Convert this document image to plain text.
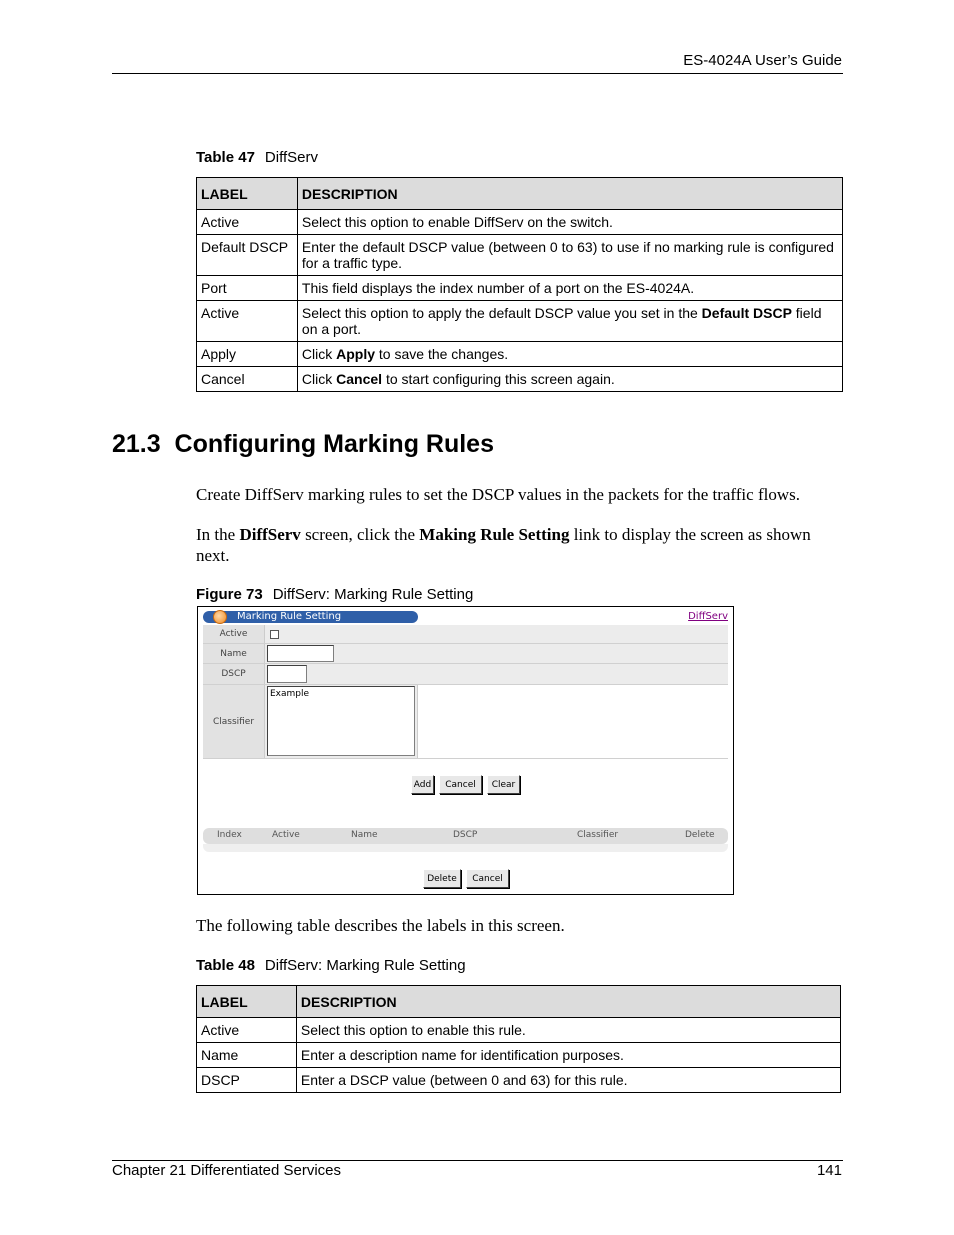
ES-4024A User’s Guide
Table 47 DiffServ
LABEL	DESCRIPTION
Active	Select this option to enable DiffServ on the switch.
Default DSCP	Enter the default DSCP value (between 0 to 63) to use if no marking rule is configured for a traffic type.
Port	This field displays the index number of a port on the ES-4024A.
Active	Select this option to apply the default DSCP value you set in the Default DSCP field on a port.
Apply	Click Apply to save the changes.
Cancel	Click Cancel to start configuring this screen again.
21.3  Configuring Marking Rules
Create DiffServ marking rules to set the DSCP values in the packets for the traffic flows.
In the DiffServ screen, click the Making Rule Setting link to display the screen as shown next.
Figure 73 DiffServ: Marking Rule Setting
Marking Rule Setting	DiffServ
Active
Name
DSCP
Classifier
Example
Add	Cancel	Clear
Index	Active	Name	DSCP	Classifier	Delete
Delete	Cancel
The following table describes the labels in this screen.
Table 48 DiffServ: Marking Rule Setting
LABEL	DESCRIPTION
Active	Select this option to enable this rule.
Name	Enter a description name for identification purposes.
DSCP	Enter a DSCP value (between 0 and 63) for this rule.
Chapter 21 Differentiated Services	141
